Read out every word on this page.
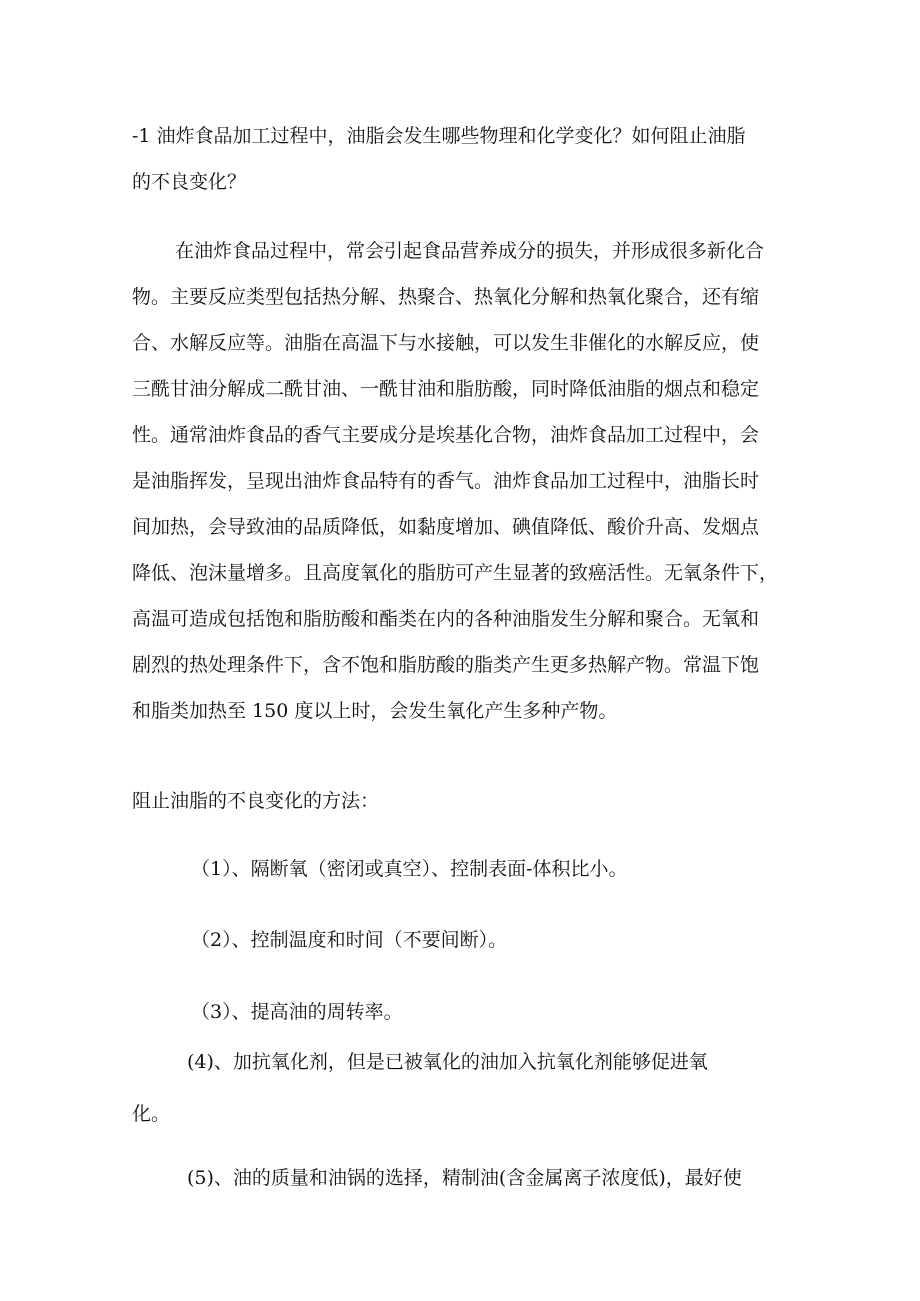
-1 油炸食品加工过程中，油脂会发生哪些物理和化学变化？如何阻止油脂
的不良变化？
在油炸食品过程中，常会引起食品营养成分的损失，并形成很多新化合
物。主要反应类型包括热分解、热聚合、热氧化分解和热氧化聚合，还有缩
合、水解反应等。油脂在高温下与水接触，可以发生非催化的水解反应，使
三酰甘油分解成二酰甘油、一酰甘油和脂肪酸，同时降低油脂的烟点和稳定
性。通常油炸食品的香气主要成分是埃基化合物，油炸食品加工过程中，会
是油脂挥发，呈现出油炸食品特有的香气。油炸食品加工过程中，油脂长时
间加热，会导致油的品质降低，如黏度增加、碘值降低、酸价升高、发烟点
降低、泡沫量增多。且高度氧化的脂肪可产生显著的致癌活性。无氧条件下，
高温可造成包括饱和脂肪酸和酯类在内的各种油脂发生分解和聚合。无氧和
剧烈的热处理条件下，含不饱和脂肪酸的脂类产生更多热解产物。常温下饱
和脂类加热至 150 度以上时，会发生氧化产生多种产物。
阻止油脂的不良变化的方法：
（1）、隔断氧（密闭或真空）、控制表面-体积比小。
（2）、控制温度和时间（不要间断）。
（3）、提高油的周转率。
(4)、加抗氧化剂，但是已被氧化的油加入抗氧化剂能够促进氧
化。
(5)、油的质量和油锅的选择，精制油(含金属离子浓度低)，最好使
